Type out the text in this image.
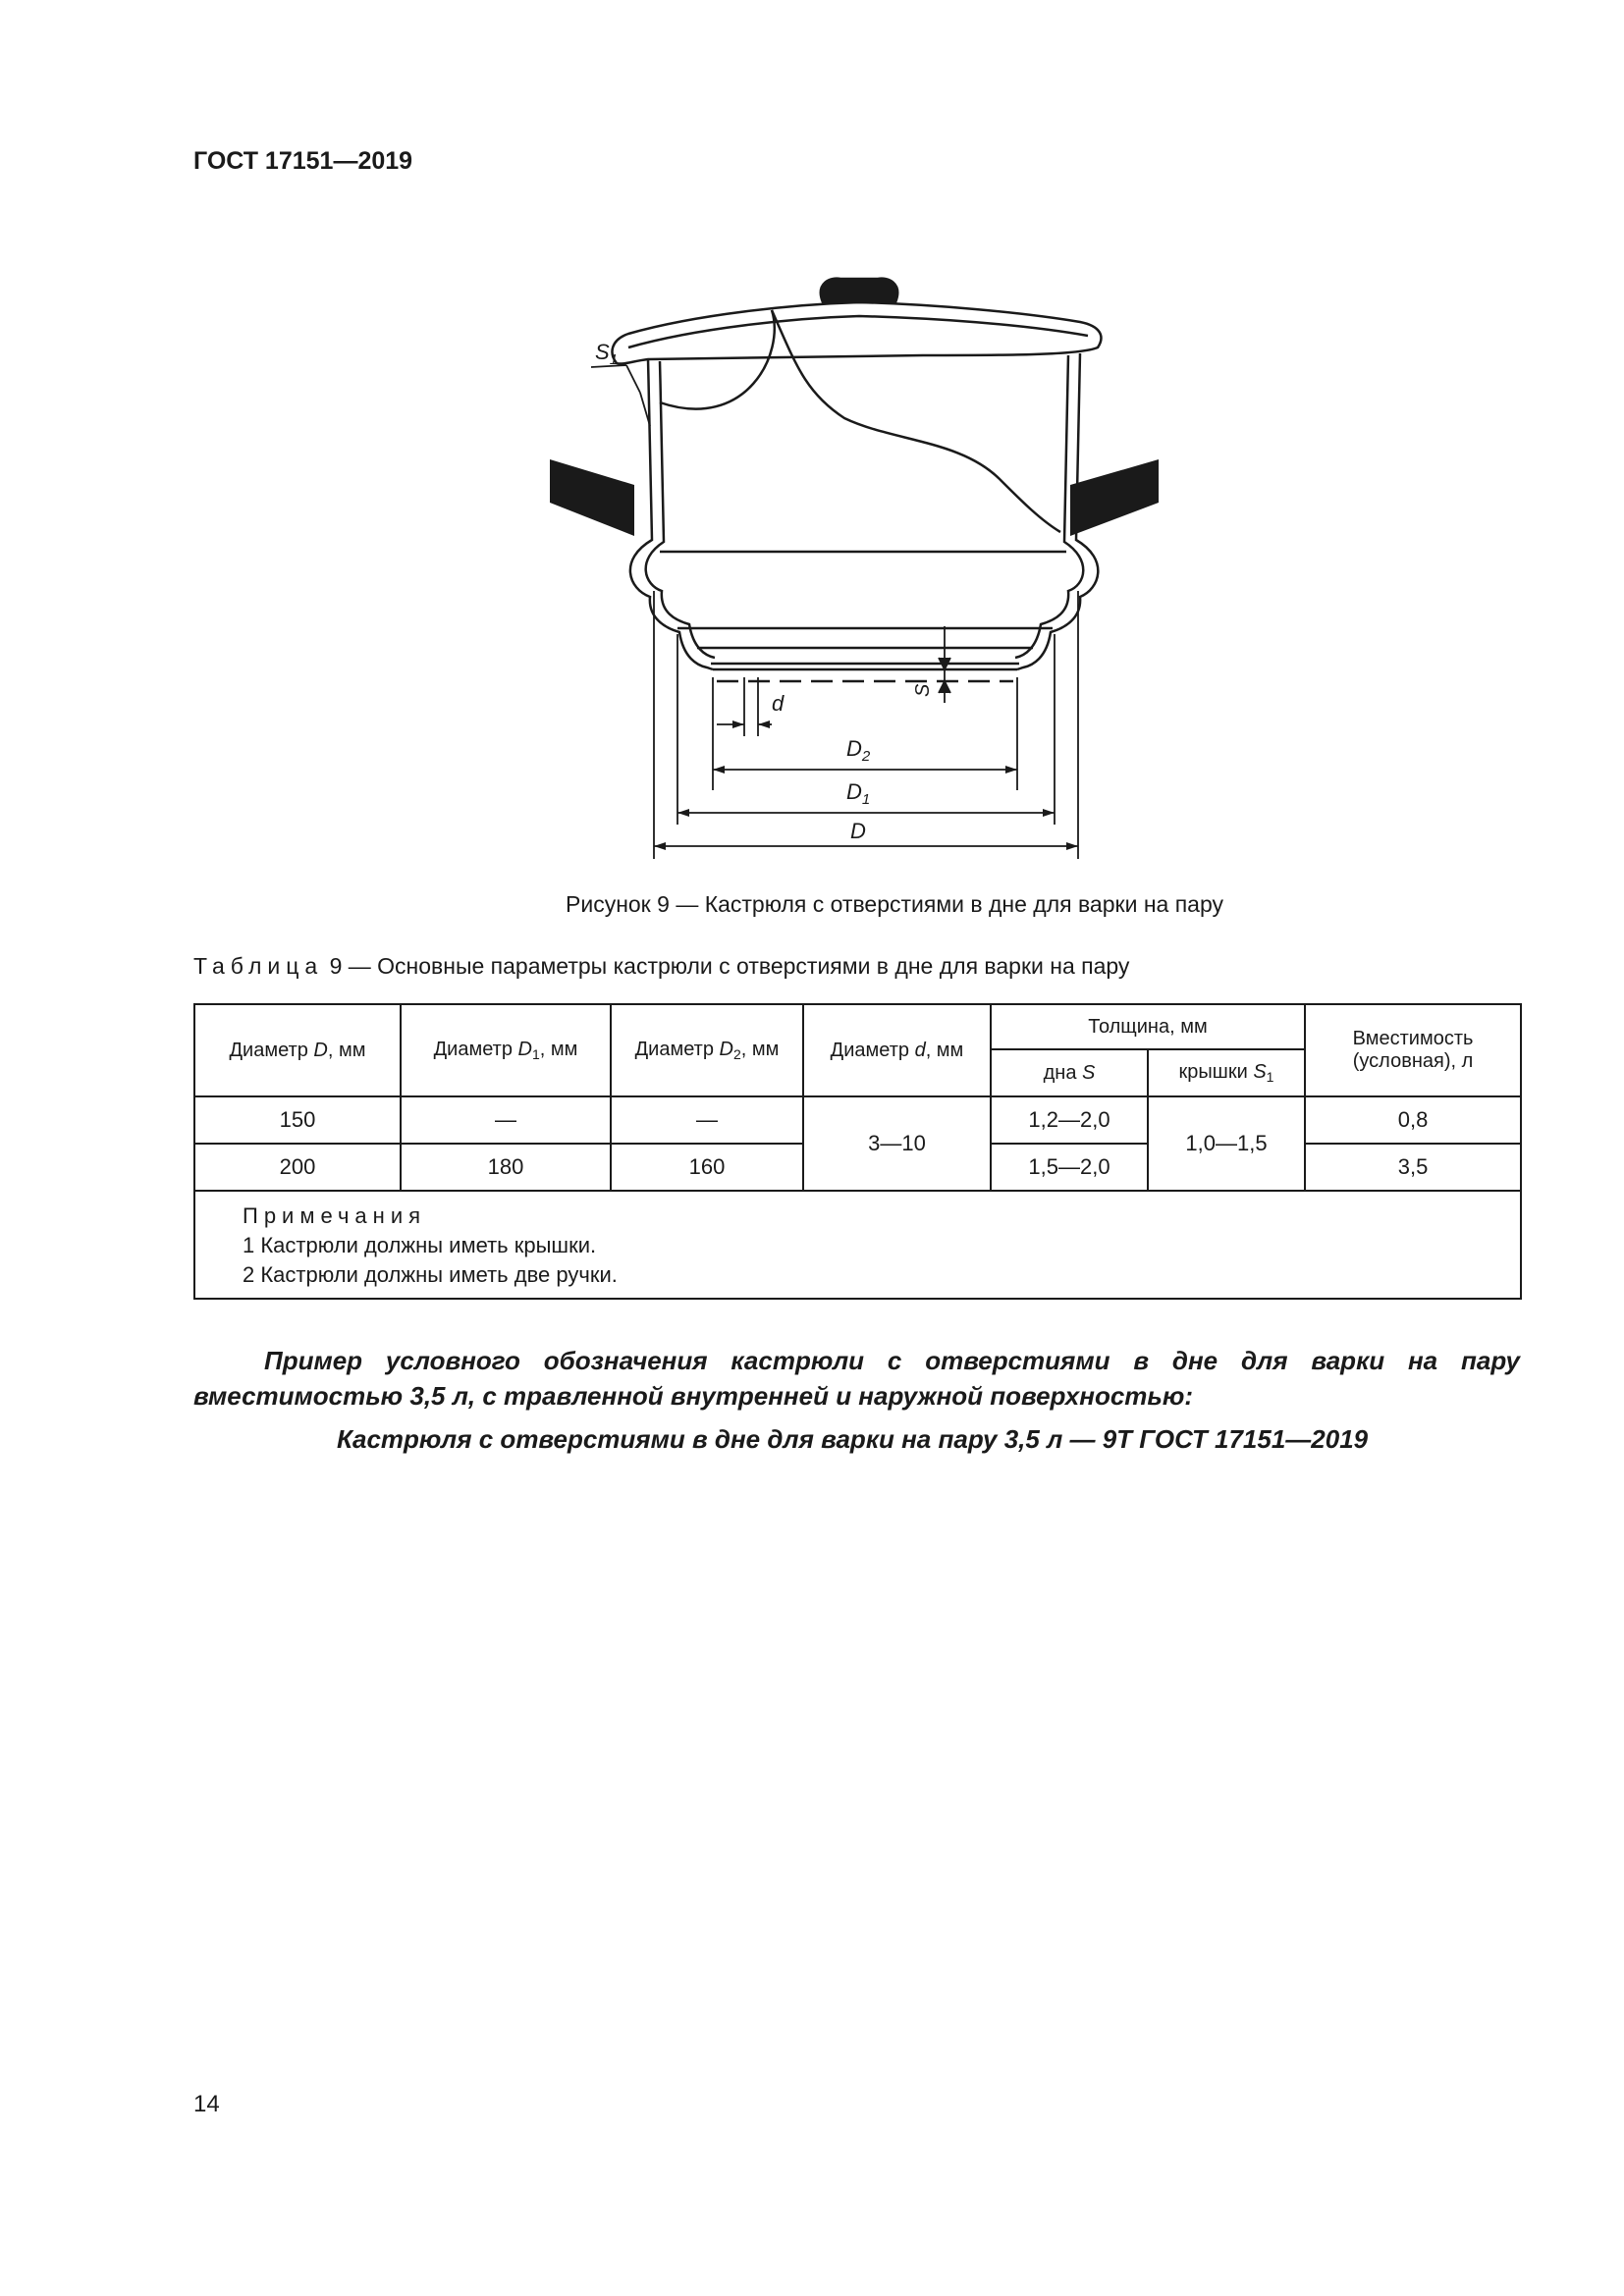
ГОСТ 17151—2019
$S_1$
S
d
$D_2$
$D_1$
D
Рисунок 9 — Кастрюля с отверстиями в дне для варки на пару
Таблица 9 — Основные параметры кастрюли с отверстиями в дне для варки на пару
Диаметр D, мм	Диаметр $D_1$, мм	Диаметр $D_2$, мм	Диаметр d, мм	Толщина, мм		Вместимость
(условная), л
				дна S	крышки $S_1$
150	—	—	3—10	1,2—2,0	1,0—1,5	0,8
200	180	160		1,5—2,0		3,5

Примечания
1 Кастрюли должны иметь крышки.
2 Кастрюли должны иметь две ручки.						
Пример условного обозначения кастрюли с отверстиями в дне для варки на пару вместимостью 3,5 л, с травленной внутренней и наружной поверхностью:
Кастрюля с отверстиями в дне для варки на пару 3,5 л — 9Т ГОСТ 17151—2019
14
